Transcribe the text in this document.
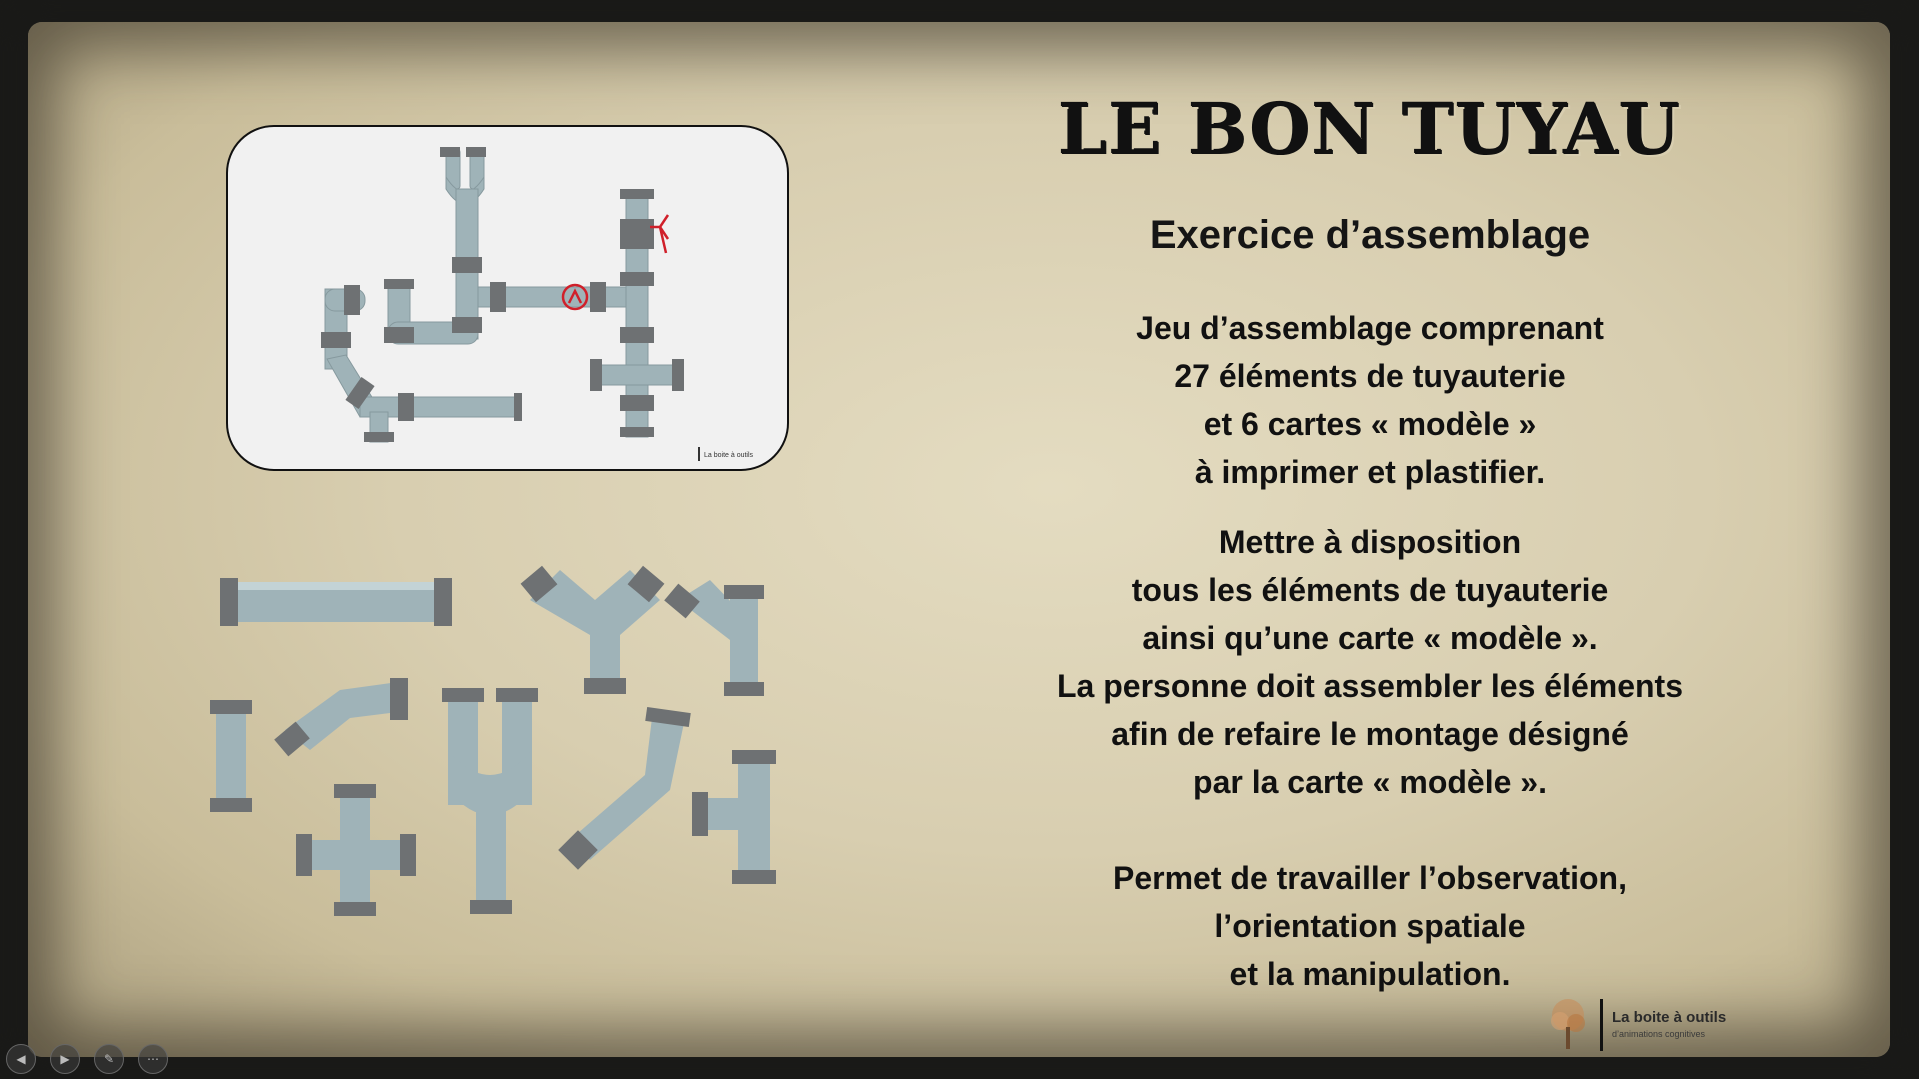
La boite à outils
LE BON TUYAU
Exercice d’assemblage
Jeu d’assemblage comprenant
27 éléments de tuyauterie
et 6 cartes « modèle »
à imprimer et plastifier.
Mettre à disposition
tous les éléments de tuyauterie
ainsi qu’une carte « modèle ».
La personne doit assembler les éléments
afin de refaire le montage désigné
par la carte « modèle ».
Permet de travailler l’observation,
l’orientation spatiale
et la manipulation.
La boite à outils
d’animations cognitives
◀	▶	✎	⋯
